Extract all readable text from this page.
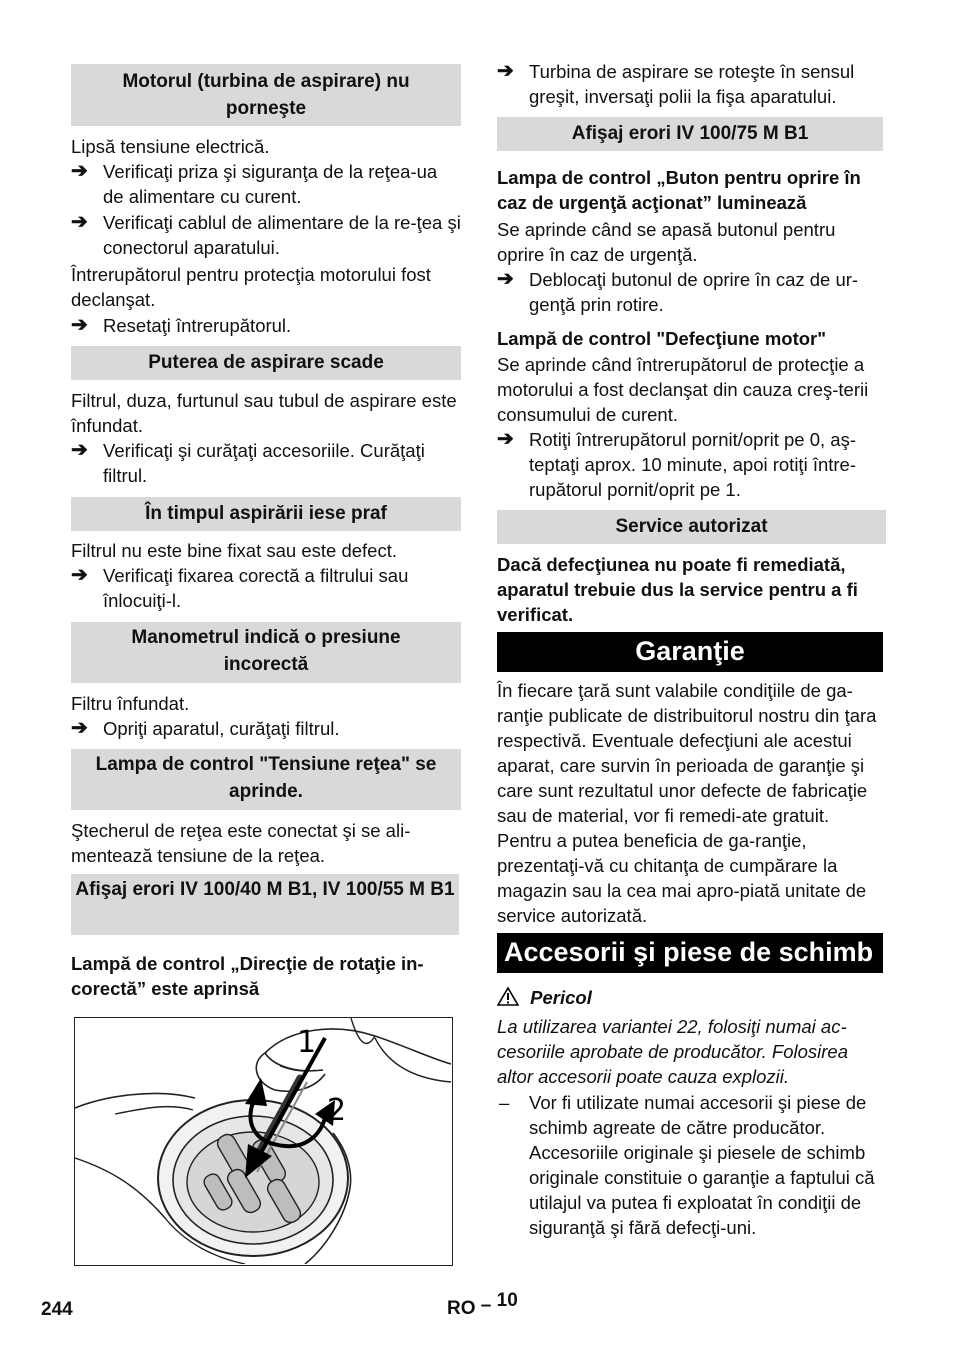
Motorul (turbina de aspirare) nu porneşte
Lipsă tensiune electrică.
➔ Verificaţi priza şi siguranţa de la reţea-ua de alimentare cu curent.
➔ Verificaţi cablul de alimentare de la re-ţea şi conectorul aparatului.
Întrerupătorul pentru protecţia motorului fost declanşat.
➔ Resetaţi întrerupătorul.
Puterea de aspirare scade
Filtrul, duza, furtunul sau tubul de aspirare este înfundat.
➔ Verificaţi şi curăţaţi accesoriile. Curăţaţi filtrul.
În timpul aspirării iese praf
Filtrul nu este bine fixat sau este defect.
➔ Verificaţi fixarea corectă a filtrului sau înlocuiţi-l.
Manometrul indică o presiune incorectă
Filtru înfundat.
➔ Opriţi aparatul, curăţaţi filtrul.
Lampa de control "Tensiune reţea" se aprinde.
Ştecherul de reţea este conectat şi se ali-mentează tensiune de la reţea.
Afişaj erori IV 100/40 M B1, IV 100/55 M B1
Lampă de control „Direcţie de rotaţie in-corectă” este aprinsă
1
2
➔ Turbina de aspirare se roteşte în sensul greşit, inversaţi polii la fişa aparatului.
Afişaj erori IV 100/75 M B1
Lampa de control „Buton pentru oprire în caz de urgenţă acţionat” luminează
Se aprinde când se apasă butonul pentru oprire în caz de urgenţă.
➔ Deblocaţi butonul de oprire în caz de ur-genţă prin rotire.
Lampă de control "Defecţiune motor"
Se aprinde când întrerupătorul de protecţie a motorului a fost declanşat din cauza creş-terii consumului de curent.
➔ Rotiţi întrerupătorul pornit/oprit pe 0, aş-teptaţi aprox. 10 minute, apoi rotiţi între-rupătorul pornit/oprit pe 1.
Service autorizat
Dacă defecţiunea nu poate fi remediată, aparatul trebuie dus la service pentru a fi verificat.
Garanţie
În fiecare ţară sunt valabile condiţiile de ga-ranţie publicate de distribuitorul nostru din ţara respectivă. Eventuale defecţiuni ale acestui aparat, care survin în perioada de garanţie şi care sunt rezultatul unor defecte de fabricaţie sau de material, vor fi remedi-ate gratuit. Pentru a putea beneficia de ga-ranţie, prezentaţi-vă cu chitanţa de cumpărare la magazin sau la cea mai apro-piată unitate de service autorizată.
Accesorii şi piese de schimb
Pericol
La utilizarea variantei 22, folosiţi numai ac-cesoriile aprobate de producător. Folosirea altor accesorii poate cauza explozii.
– Vor fi utilizate numai accesorii şi piese de schimb agreate de către producător. Accesoriile originale şi piesele de schimb originale constituie o garanţie a faptului că utilajul va putea fi exploatat în condiţii de siguranţă şi fără defecţi-uni.
244	RO – 10
